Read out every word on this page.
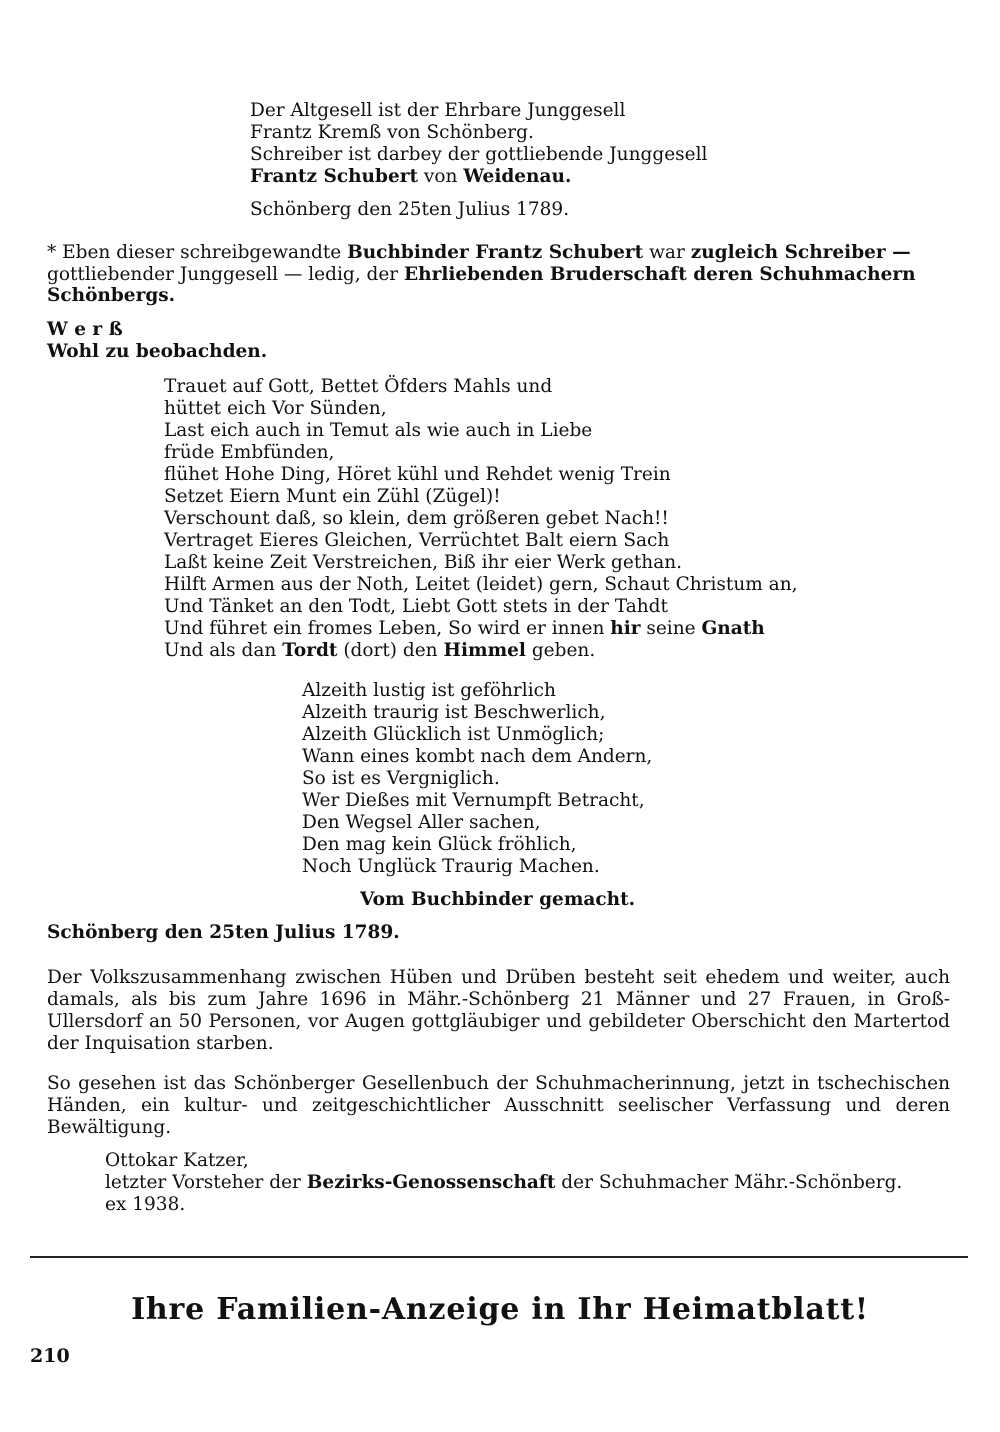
Der Altgesell ist der Ehrbare Junggesell
Frantz Kremß von Schönberg.
Schreiber ist darbey der gottliebende Junggesell
Frantz Schubert von Weidenau.
Schönberg den 25ten Julius 1789.
* Eben dieser schreibgewandte Buchbinder Frantz Schubert war zugleich Schreiber —
gottliebender Junggesell — ledig, der Ehrliebenden Bruderschaft deren Schuhmachern
Schönbergs.
W e r ß
Wohl zu beobachden.
Trauet auf Gott, Bettet Öfders Mahls und
hüttet eich Vor Sünden,
Last eich auch in Temut als wie auch in Liebe
früde Embfünden,
flühet Hohe Ding, Höret kühl und Rehdet wenig Trein
Setzet Eiern Munt ein Zühl (Zügel)!
Verschount daß, so klein, dem größeren gebet Nach!!
Vertraget Eieres Gleichen, Verrüchtet Balt eiern Sach
Laßt keine Zeit Verstreichen, Biß ihr eier Werk gethan.
Hilft Armen aus der Noth, Leitet (leidet) gern, Schaut Christum an,
Und Tänket an den Todt, Liebt Gott stets in der Tahdt
Und führet ein fromes Leben, So wird er innen hir seine Gnath
Und als dan Tordt (dort) den Himmel geben.
Alzeith lustig ist geföhrlich
Alzeith traurig ist Beschwerlich,
Alzeith Glücklich ist Unmöglich;
Wann eines kombt nach dem Andern,
So ist es Vergniglich.
Wer Dießes mit Vernumpft Betracht,
Den Wegsel Aller sachen,
Den mag kein Glück fröhlich,
Noch Unglück Traurig Machen.
Vom Buchbinder gemacht.
Schönberg den 25ten Julius 1789.
Der Volkszusammenhang zwischen Hüben und Drüben besteht seit ehedem und weiter, auch damals, als bis zum Jahre 1696 in Mähr.-Schönberg 21 Männer und 27 Frauen, in Groß-Ullersdorf an 50 Personen, vor Augen gottgläubiger und gebildeter Oberschicht den Martertod der Inquisation starben.
So gesehen ist das Schönberger Gesellenbuch der Schuhmacherinnung, jetzt in tschechischen Händen, ein kultur- und zeitgeschichtlicher Ausschnitt seelischer Verfassung und deren Bewältigung.
Ottokar Katzer,
letzter Vorsteher der Bezirks-Genossenschaft der Schuhmacher Mähr.-Schönberg.
ex 1938.
Ihre Familien-Anzeige in Ihr Heimatblatt!
210
